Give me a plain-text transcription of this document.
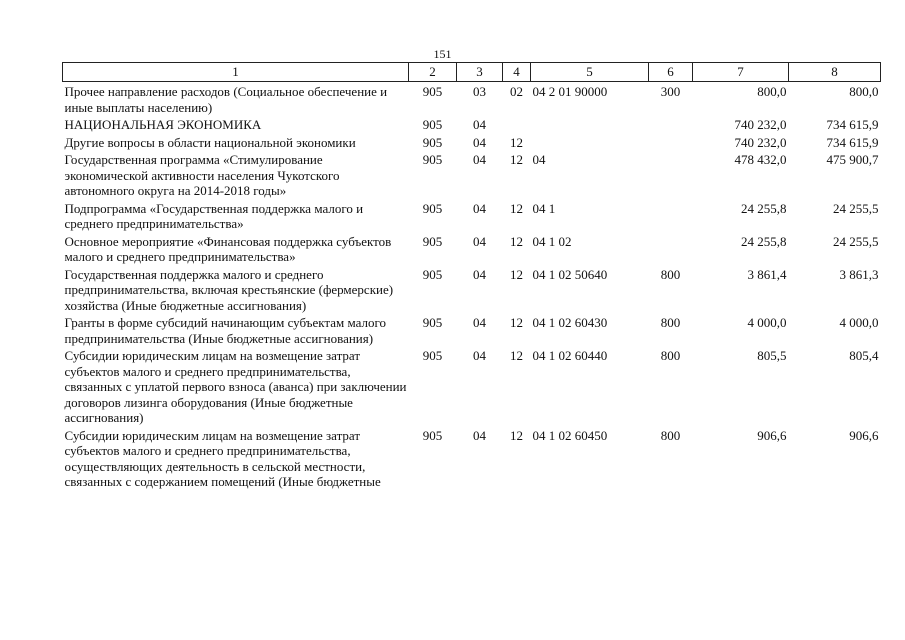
151
1	2	3	4	5	6	7	8
Прочее направление расходов (Социальное обеспечение и иные выплаты населению)	905	03	02	04 2 01 90000	300	800,0	800,0
НАЦИОНАЛЬНАЯ ЭКОНОМИКА	905	04				740 232,0	734 615,9
Другие вопросы в области национальной экономики	905	04	12			740 232,0	734 615,9
Государственная программа «Стимулирование экономической активности населения Чукотского автономного округа на 2014-2018 годы»	905	04	12	04		478 432,0	475 900,7
Подпрограмма «Государственная поддержка малого и среднего предпринимательства»	905	04	12	04 1		24 255,8	24 255,5
Основное мероприятие «Финансовая поддержка субъектов малого и среднего предпринимательства»	905	04	12	04 1 02		24 255,8	24 255,5
Государственная поддержка малого и среднего предпринимательства, включая крестьянские (фермерские) хозяйства (Иные бюджетные ассигнования)	905	04	12	04 1 02 50640	800	3 861,4	3 861,3
Гранты в форме субсидий начинающим субъектам малого предпринимательства (Иные бюджетные ассигнования)	905	04	12	04 1 02 60430	800	4 000,0	4 000,0
Субсидии юридическим лицам на возмещение затрат субъектов малого и среднего предпринимательства, связанных с уплатой первого взноса (аванса) при заключении договоров лизинга оборудования (Иные бюджетные ассигнования)	905	04	12	04 1 02 60440	800	805,5	805,4
Субсидии юридическим лицам на возмещение затрат субъектов малого и среднего предпринимательства, осуществляющих деятельность в сельской местности, связанных с содержанием помещений (Иные бюджетные	905	04	12	04 1 02 60450	800	906,6	906,6
